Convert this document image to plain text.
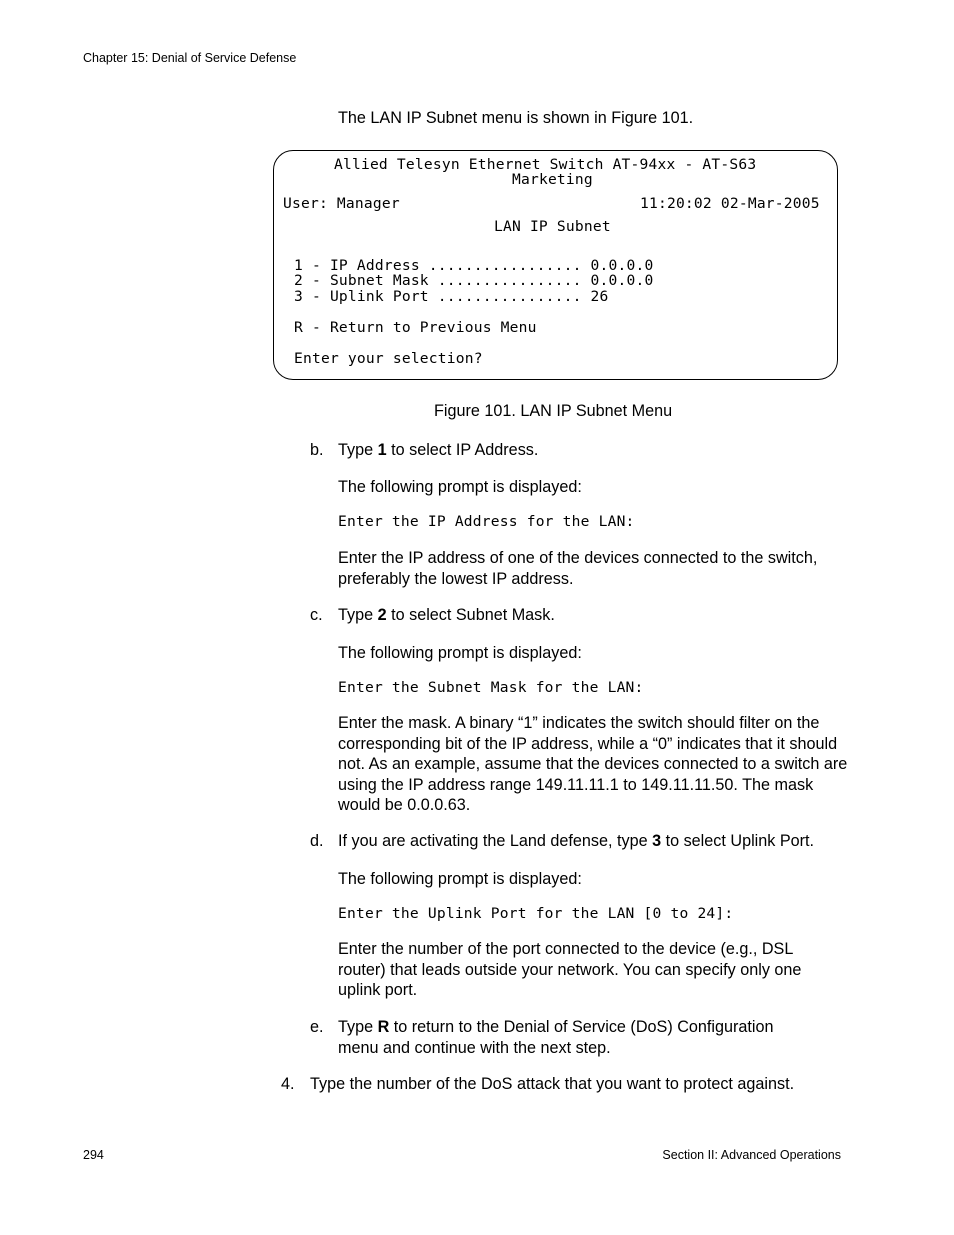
Chapter 15: Denial of Service Defense
The LAN IP Subnet menu is shown in Figure 101.
Allied Telesyn Ethernet Switch AT-94xx - AT-S63
Marketing
User: Manager	11:20:02 02-Mar-2005
LAN IP Subnet
1 - IP Address ................. 0.0.0.0
2 - Subnet Mask ................ 0.0.0.0
3 - Uplink Port ................ 26
R - Return to Previous Menu
Enter your selection?
Figure 101. LAN IP Subnet Menu
b. Type 1 to select IP Address.
The following prompt is displayed:
Enter the IP Address for the LAN:
Enter the IP address of one of the devices connected to the switch, preferably the lowest IP address.
c. Type 2 to select Subnet Mask.
The following prompt is displayed:
Enter the Subnet Mask for the LAN:
Enter the mask. A binary “1” indicates the switch should filter on the corresponding bit of the IP address, while a “0” indicates that it should not. As an example, assume that the devices connected to a switch are using the IP address range 149.11.11.1 to 149.11.11.50. The mask would be 0.0.0.63.
d. If you are activating the Land defense, type 3 to select Uplink Port.
The following prompt is displayed:
Enter the Uplink Port for the LAN [0 to 24]:
Enter the number of the port connected to the device (e.g., DSL router) that leads outside your network. You can specify only one uplink port.
e. Type R to return to the Denial of Service (DoS) Configuration menu and continue with the next step.
4. Type the number of the DoS attack that you want to protect against.
294	Section II: Advanced Operations
